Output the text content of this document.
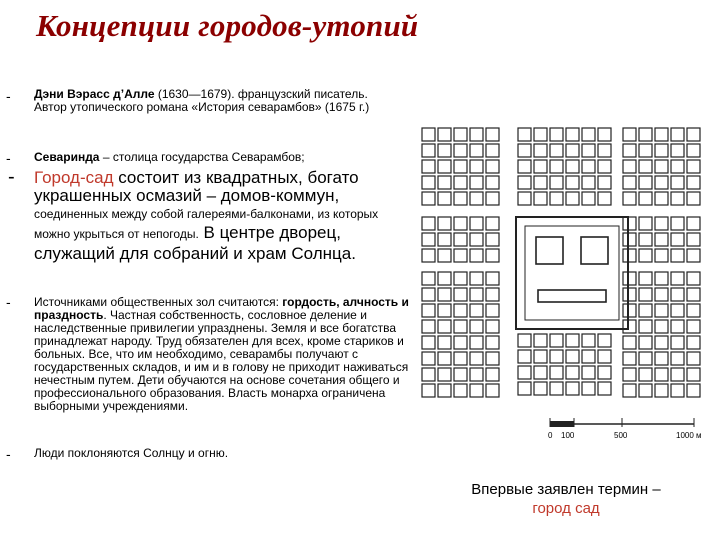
Концепции городов-утопий
- Дэни Вэрасс д’Алле (1630—1679). французский писатель. Автор утопического романа «История севарамбов» (1675 г.)
- Севаринда – столица государства Севарамбов;
- Город-сад состоит из квадратных, богато украшенных осмазий – домов-коммун,
соединенных между собой галереями-балконами, из которых можно укрыться от непогоды. В центре дворец, служащий для собраний и храм Солнца.
- Источниками общественных зол считаются: гордость, алчность и праздность. Частная собственность, сословное деление и наследственные привилегии упразднены. Земля и все богатства принадлежат народу. Труд обязателен для всех, кроме стариков и больных. Все, что им необходимо, севарамбы получают с государственных складов, и им и в голову не приходит наживаться нечестным путем. Дети обучаются на основе сочетания общего и профессионального образования. Власть монарха ограничена выборными учреждениями.
- Люди поклоняются Солнцу и огню.
0 100	500	1000 м
Впервые заявлен термин –
город сад
